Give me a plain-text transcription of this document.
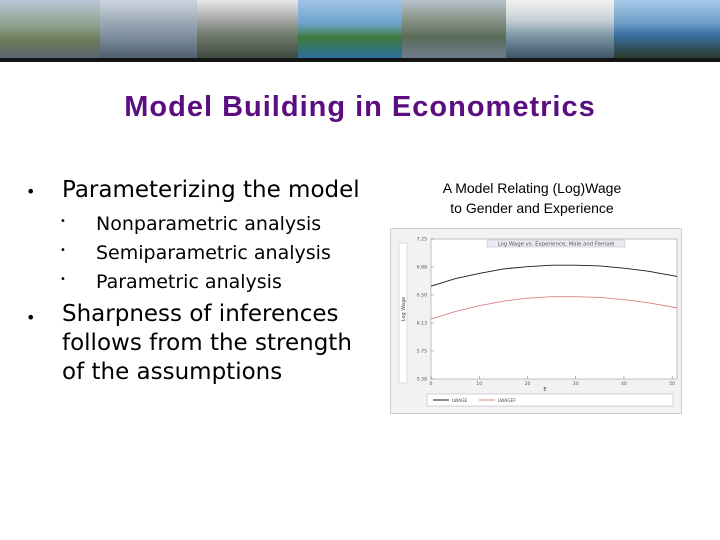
Model Building in Econometrics
• Parameterizing the model
• Nonparametric analysis
• Semiparametric analysis
• Parametric analysis
• Sharpness of inferences follows from the strength of the assumptions
A Model Relating (Log)Wage
to Gender and Experience
Log Wage vs. Experience, Male and Female
Log Wage
E
7.25
6.88
6.50
6.13
5.75
5.38
0	10	20	30	40	50
LWAGE	LWAGEF
